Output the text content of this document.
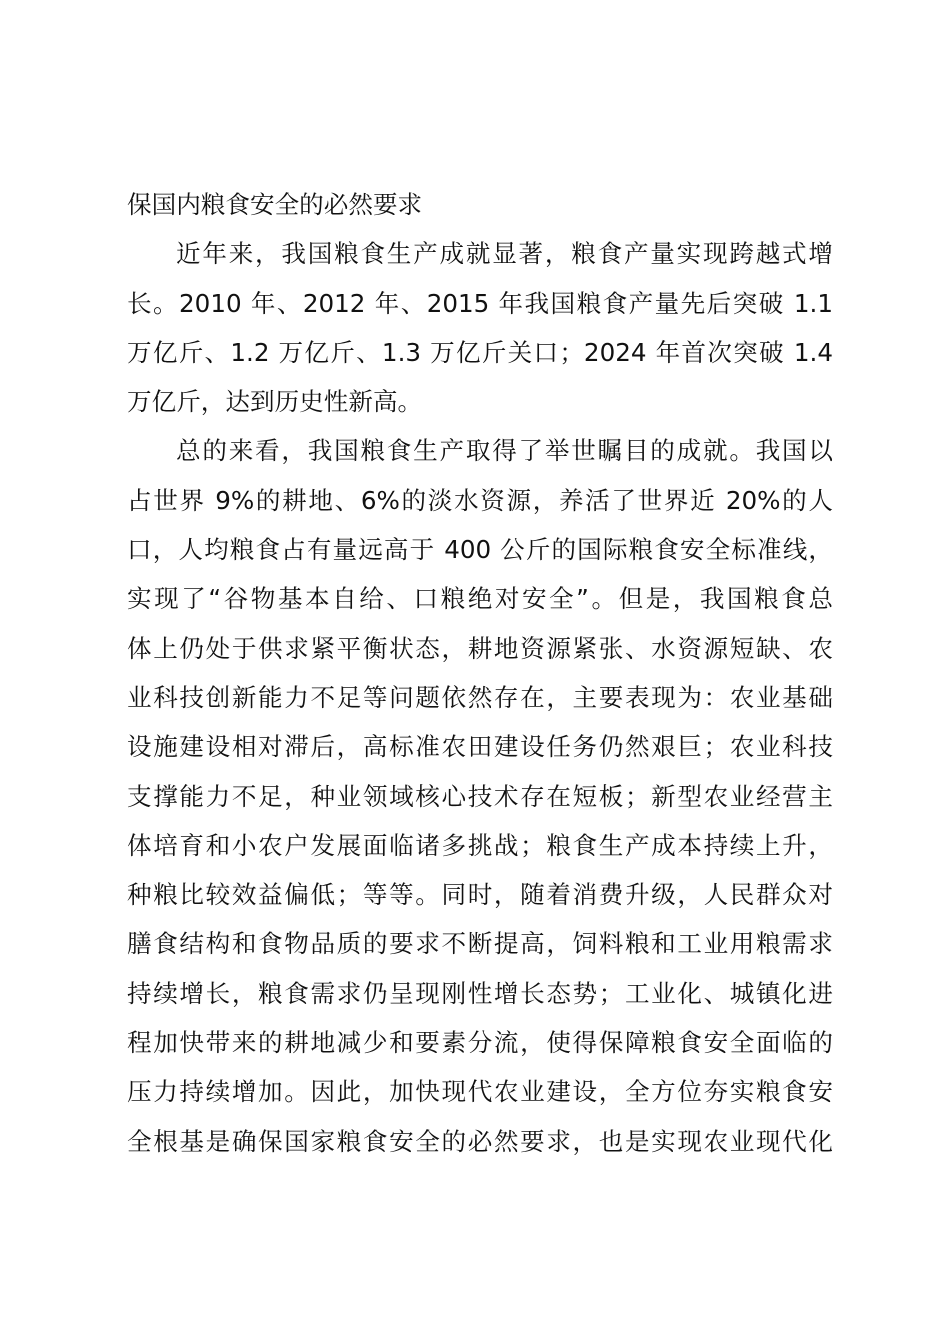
保国内粮食安全的必然要求
近年来，我国粮食生产成就显著，粮食产量实现跨越式增
长。2010 年、2012 年、2015 年我国粮食产量先后突破 1.1
万亿斤、1.2 万亿斤、1.3 万亿斤关口；2024 年首次突破 1.4
万亿斤，达到历史性新高。
总的来看，我国粮食生产取得了举世瞩目的成就。我国以
占世界 9%的耕地、6%的淡水资源，养活了世界近 20%的人
口，人均粮食占有量远高于 400 公斤的国际粮食安全标准线，
实现了“谷物基本自给、口粮绝对安全”。但是，我国粮食总
体上仍处于供求紧平衡状态，耕地资源紧张、水资源短缺、农
业科技创新能力不足等问题依然存在，主要表现为：农业基础
设施建设相对滞后，高标准农田建设任务仍然艰巨；农业科技
支撑能力不足，种业领域核心技术存在短板；新型农业经营主
体培育和小农户发展面临诸多挑战；粮食生产成本持续上升，
种粮比较效益偏低；等等。同时，随着消费升级，人民群众对
膳食结构和食物品质的要求不断提高，饲料粮和工业用粮需求
持续增长，粮食需求仍呈现刚性增长态势；工业化、城镇化进
程加快带来的耕地减少和要素分流，使得保障粮食安全面临的
压力持续增加。因此，加快现代农业建设，全方位夯实粮食安
全根基是确保国家粮食安全的必然要求，也是实现农业现代化
